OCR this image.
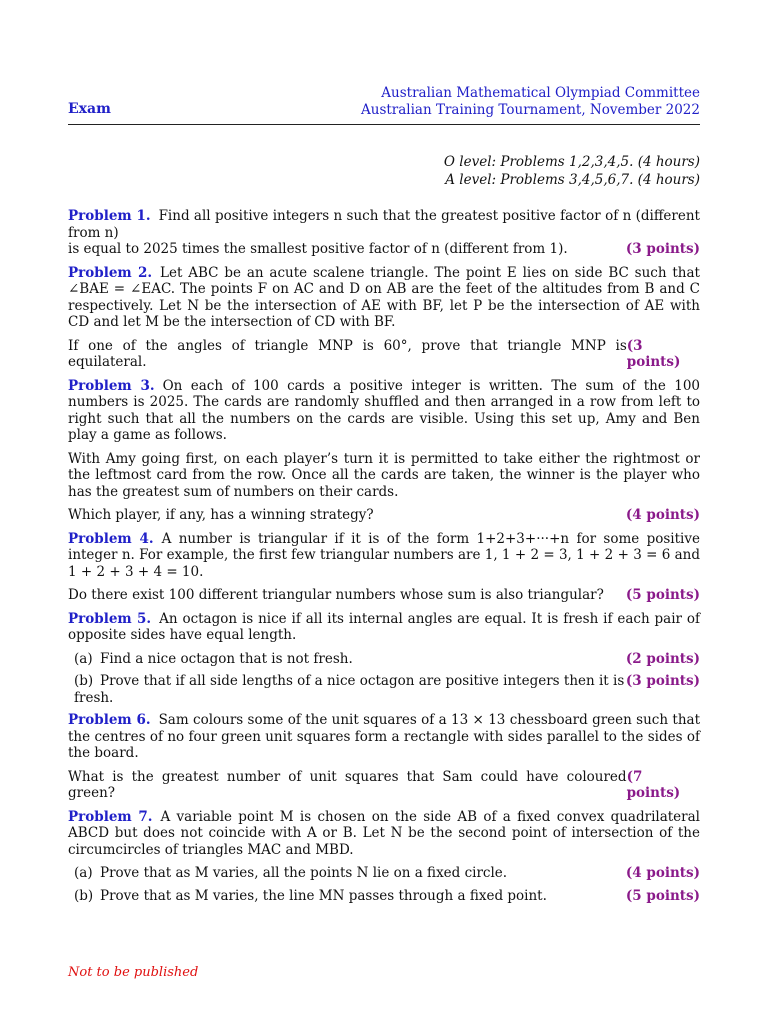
Exam
Australian Mathematical Olympiad Committee
Australian Training Tournament, November 2022
O level: Problems 1,2,3,4,5. (4 hours)
A level: Problems 3,4,5,6,7. (4 hours)
Problem 1. Find all positive integers n such that the greatest positive factor of n (different from n)
is equal to 2025 times the smallest positive factor of n (different from 1).	(3 points)
Problem 2. Let ABC be an acute scalene triangle. The point E lies on side BC such that ∠BAE = ∠EAC. The points F on AC and D on AB are the feet of the altitudes from B and C respectively. Let N be the intersection of AE with BF, let P be the intersection of AE with CD and let M be the intersection of CD with BF.
If one of the angles of triangle MNP is 60°, prove that triangle MNP is equilateral.
(3 points)
Problem 3. On each of 100 cards a positive integer is written. The sum of the 100 numbers is 2025. The cards are randomly shuffled and then arranged in a row from left to right such that all the numbers on the cards are visible. Using this set up, Amy and Ben play a game as follows.
With Amy going first, on each player’s turn it is permitted to take either the rightmost or the leftmost card from the row. Once all the cards are taken, the winner is the player who has the greatest sum of numbers on their cards.
Which player, if any, has a winning strategy?	(4 points)
Problem 4. A number is triangular if it is of the form 1+2+3+···+n for some positive integer n. For example, the first few triangular numbers are 1, 1 + 2 = 3, 1 + 2 + 3 = 6 and 1 + 2 + 3 + 4 = 10.
Do there exist 100 different triangular numbers whose sum is also triangular? (5 points)
Problem 5. An octagon is nice if all its internal angles are equal. It is fresh if each pair of opposite sides have equal length.
(a) Find a nice octagon that is not fresh.	(2 points)
(b) Prove that if all side lengths of a nice octagon are positive integers then it is fresh.
(3 points)
Problem 6. Sam colours some of the unit squares of a 13 × 13 chessboard green such that the centres of no four green unit squares form a rectangle with sides parallel to the sides of the board.
What is the greatest number of unit squares that Sam could have coloured green?
(7 points)
Problem 7. A variable point M is chosen on the side AB of a fixed convex quadrilateral ABCD but does not coincide with A or B. Let N be the second point of intersection of the circumcircles of triangles MAC and MBD.
(a) Prove that as M varies, all the points N lie on a fixed circle.	(4 points)
(b) Prove that as M varies, the line MN passes through a fixed point.	(5 points)
Not to be published
